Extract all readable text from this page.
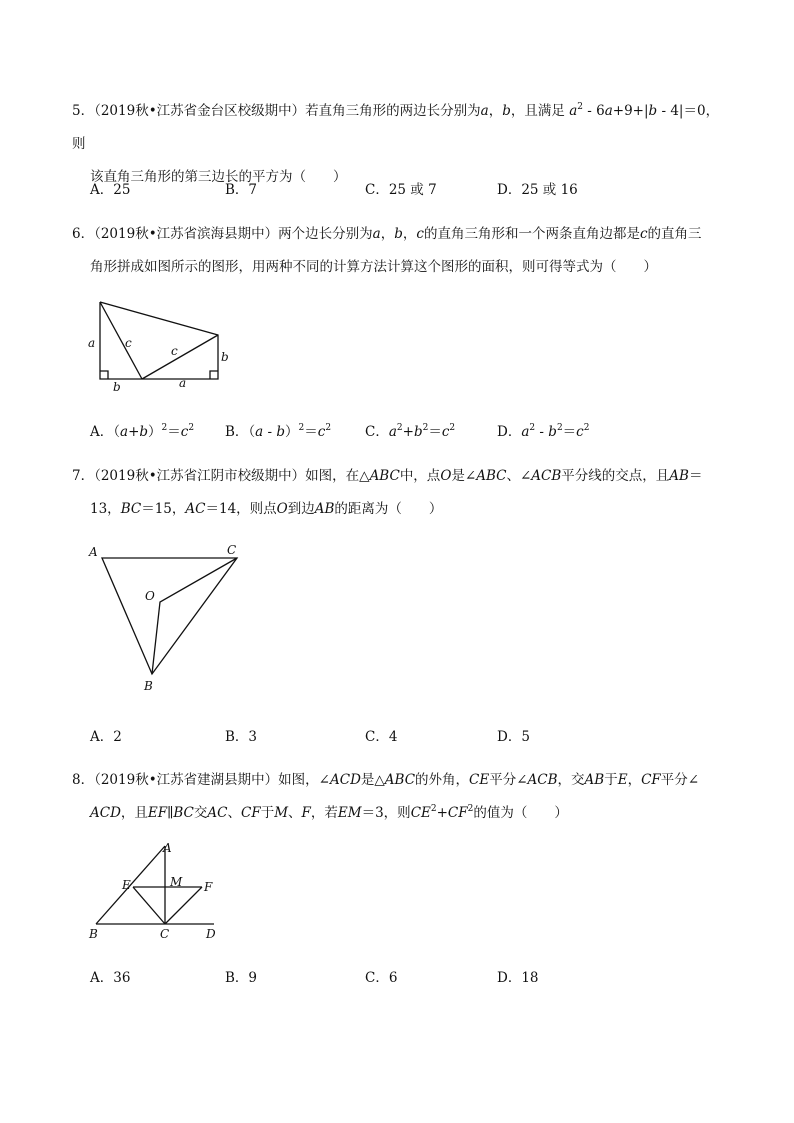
5．（2019秋•江苏省金台区校级期中）若直角三角形的两边长分别为a，b，且满足 $a^2 - 6a+9+|b - 4|=0$，则
该直角三角形的第三边长的平方为（　　）
A．25	B．7	C．25 或 7	D．25 或 16
6．（2019秋•江苏省滨海县期中）两个边长分别为a，b，c的直角三角形和一个两条直角边都是c的直角三
角形拼成如图所示的图形，用两种不同的计算方法计算这个图形的面积，则可得等式为（　　）
a c
c	b
b	a
A．$(a+b)^2=c^2$ B．$(a - b)^2=c^2$	C．$a^2+b^2=c^2$	D．$a^2 - b^2=c^2$
7．（2019秋•江苏省江阴市校级期中）如图，在△ABC中，点O是∠ABC、∠ACB平分线的交点，且AB＝
13，BC＝15，AC＝14，则点O到边AB的距离为（　　）
A	C
O
B
A．2	B．3	C．4	D．5
8．（2019秋•江苏省建湖县期中）如图，∠ACD是△ABC的外角，CE平分∠ACB，交AB于E，CF平分∠
ACD，且EF∥BC交AC、CF于M、F，若EM＝3，则$CE^2+CF^2$的值为（　　）
A
E	M F
B	C	D
A．36	B．9	C．6	D．18
